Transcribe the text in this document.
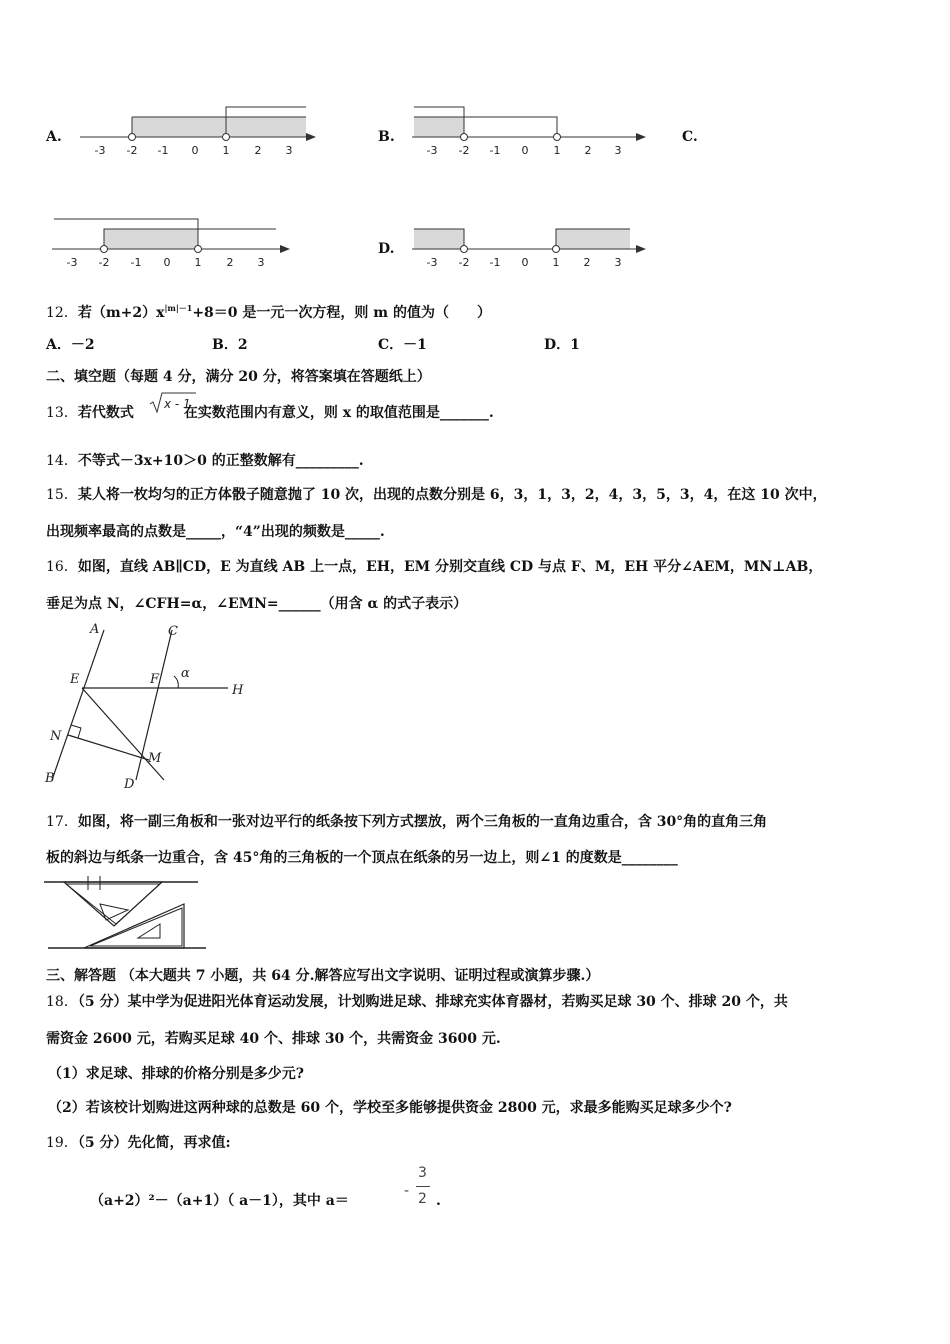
A.
-3 -2 -1 0 1 2 3
B.
-3 -2 -1 0 1 2 3
C.
-3 -2 -1 0 1 2 3
D.
-3 -2 -1 0 1 2 3
12．若$(m+2)x^{|m|-1}+8=0$ 是一元一次方程，则 m 的值为（　　）
A．－2	B．2	C．－1	D．1
二、填空题（每题 4 分，满分 20 分，将答案填在答题纸上）
13．若代数式	在实数范围内有意义，则 x 的取值范围是_______.
x - 1
14．不等式－3x+10＞0 的正整数解有_________.
15．某人将一枚均匀的正方体骰子随意抛了 10 次，出现的点数分别是 6，3，1，3，2，4，3，5，3，4，在这 10 次中，
出现频率最高的点数是_____，“4”出现的频数是_____.
16．如图，直线 AB∥CD，E 为直线 AB 上一点，EH，EM 分别交直线 CD 与点 F、M，EH 平分∠AEM，MN⊥AB，
垂足为点 N，∠CFH=α，∠EMN=______（用含 α 的式子表示）
A	C
E	F α
H
N
M
B	D
17．如图，将一副三角板和一张对边平行的纸条按下列方式摆放，两个三角板的一直角边重合，含 30°角的直角三角
板的斜边与纸条一边重合，含 45°角的三角板的一个顶点在纸条的另一边上，则∠1 的度数是________
三、解答题 （本大题共 7 小题，共 64 分.解答应写出文字说明、证明过程或演算步骤.）
18．（5 分）某中学为促进阳光体育运动发展，计划购进足球、排球充实体育器材，若购买足球 30 个、排球 20 个，共
需资金 2600 元，若购买足球 40 个、排球 30 个，共需资金 3600 元.
（1）求足球、排球的价格分别是多少元?
（2）若该校计划购进这两种球的总数是 60 个，学校至多能够提供资金 2800 元，求最多能购买足球多少个?
19．（5 分）先化简，再求值:
（a+2）²－（a+1）（ a－1），其中 a＝
-
3
2 .
